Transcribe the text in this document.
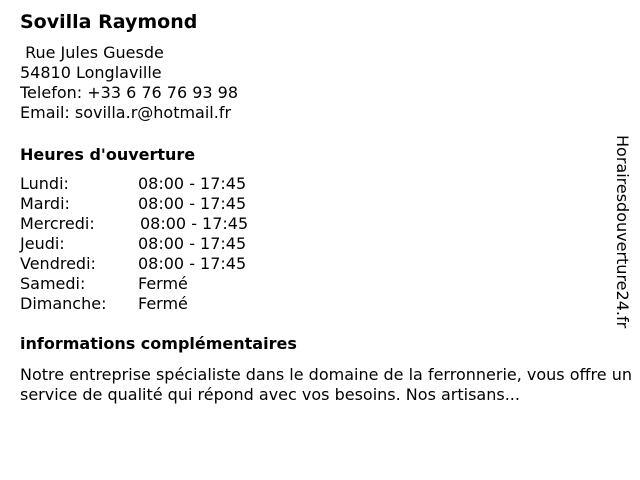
Sovilla Raymond
Rue Jules Guesde
54810 Longlaville
Telefon: +33 6 76 76 93 98
Email: sovilla.r@hotmail.fr
Heures d'ouverture
Lundi:	08:00 - 17:45
Mardi:	08:00 - 17:45
Mercredi:	08:00 - 17:45
Jeudi:	08:00 - 17:45
Vendredi:	08:00 - 17:45
Samedi:	Fermé
Dimanche: Fermé
informations complémentaires
Notre entreprise spécialiste dans le domaine de la ferronnerie, vous offre un service de qualité qui répond avec vos besoins. Nos artisans...
Horairesdouverture24.fr
